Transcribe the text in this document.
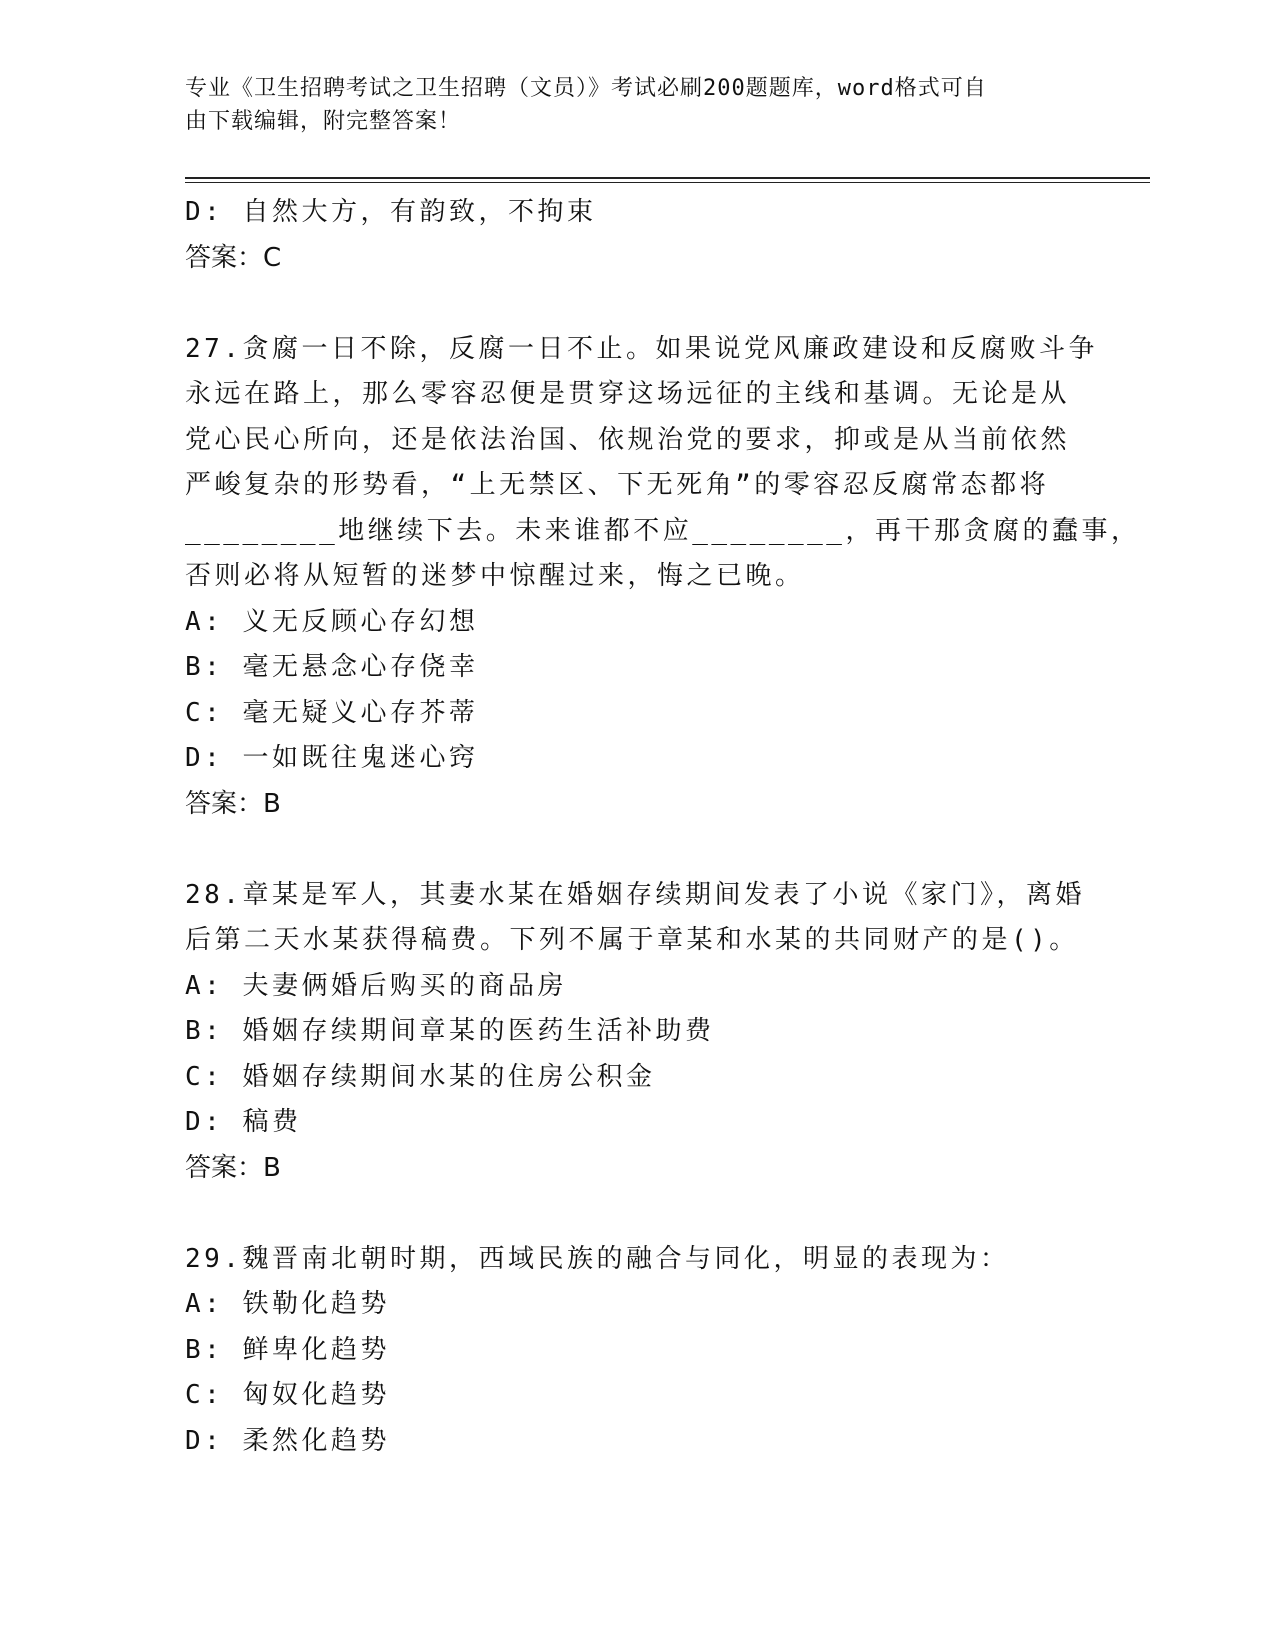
专业《卫生招聘考试之卫生招聘（文员）》考试必刷200题题库，word格式可自
由下载编辑，附完整答案！

D: 自然大方，有韵致，不拘束

答案：C

27.贪腐一日不除，反腐一日不止。如果说党风廉政建设和反腐败斗争

永远在路上，那么零容忍便是贯穿这场远征的主线和基调。无论是从

党心民心所向，还是依法治国、依规治党的要求，抑或是从当前依然

严峻复杂的形势看，“上无禁区、下无死角”的零容忍反腐常态都将

________地继续下去。未来谁都不应________，再干那贪腐的蠢事，

否则必将从短暂的迷梦中惊醒过来，悔之已晚。

A: 义无反顾心存幻想

B: 毫无悬念心存侥幸

C: 毫无疑义心存芥蒂

D: 一如既往鬼迷心窍

答案：B

28.章某是军人，其妻水某在婚姻存续期间发表了小说《家门》，离婚

后第二天水某获得稿费。下列不属于章某和水某的共同财产的是()。

A: 夫妻俩婚后购买的商品房

B: 婚姻存续期间章某的医药生活补助费

C: 婚姻存续期间水某的住房公积金

D: 稿费

答案：B

29.魏晋南北朝时期，西域民族的融合与同化，明显的表现为：

A: 铁勒化趋势

B: 鲜卑化趋势

C: 匈奴化趋势

D: 柔然化趋势
